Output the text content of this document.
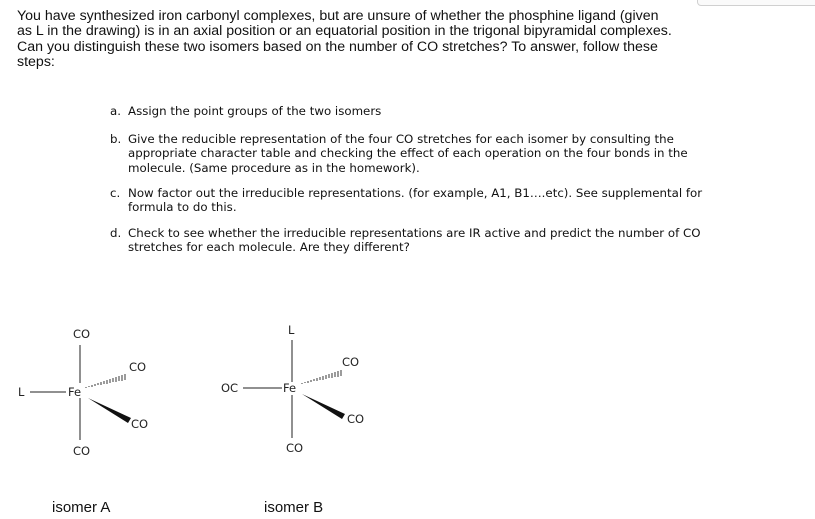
You have synthesized iron carbonyl complexes, but are unsure of whether the phosphine ligand (given as L in the drawing) is in an axial position or an equatorial position in the trigonal bipyramidal complexes. Can you distinguish these two isomers based on the number of CO stretches? To answer, follow these steps:
a. Assign the point groups of the two isomers
b. Give the reducible representation of the four CO stretches for each isomer by consulting the appropriate character table and checking the effect of each operation on the four bonds in the molecule. (Same procedure as in the homework).
c. Now factor out the irreducible representations. (for example, A1, B1….etc). See supplemental for formula to do this.
d. Check to see whether the irreducible representations are IR active and predict the number of CO stretches for each molecule. Are they different?
CO
L	Fe
CO
CO
CO
isomer A
L
OC	Fe
CO
CO
CO
isomer B
